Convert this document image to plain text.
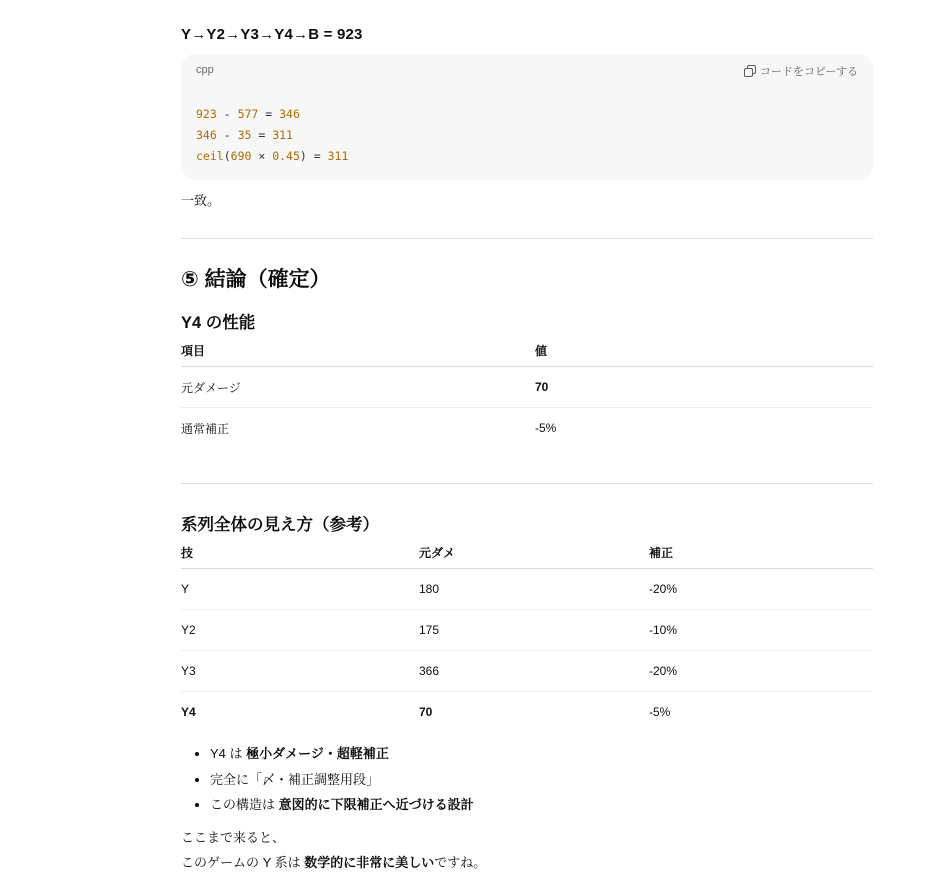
Y→Y2→Y3→Y4→B = 923
cpp	コードをコピーする
923 - 577 = 346
346 - 35 = 311
ceil(690 × 0.45) = 311
一致。
⑤ 結論（確定）
Y4 の性能
項目	値
元ダメージ	70
通常補正	-5%
系列全体の見え方（参考）
技	元ダメ	補正
Y	180	-20%
Y2	175	-10%
Y3	366	-20%
Y4	70	-5%
• Y4 は 極小ダメージ・超軽補正
• 完全に「〆・補正調整用段」
• この構造は 意図的に下限補正へ近づける設計
ここまで来ると、
このゲームの Y 系は 数学的に非常に美しいですね。
